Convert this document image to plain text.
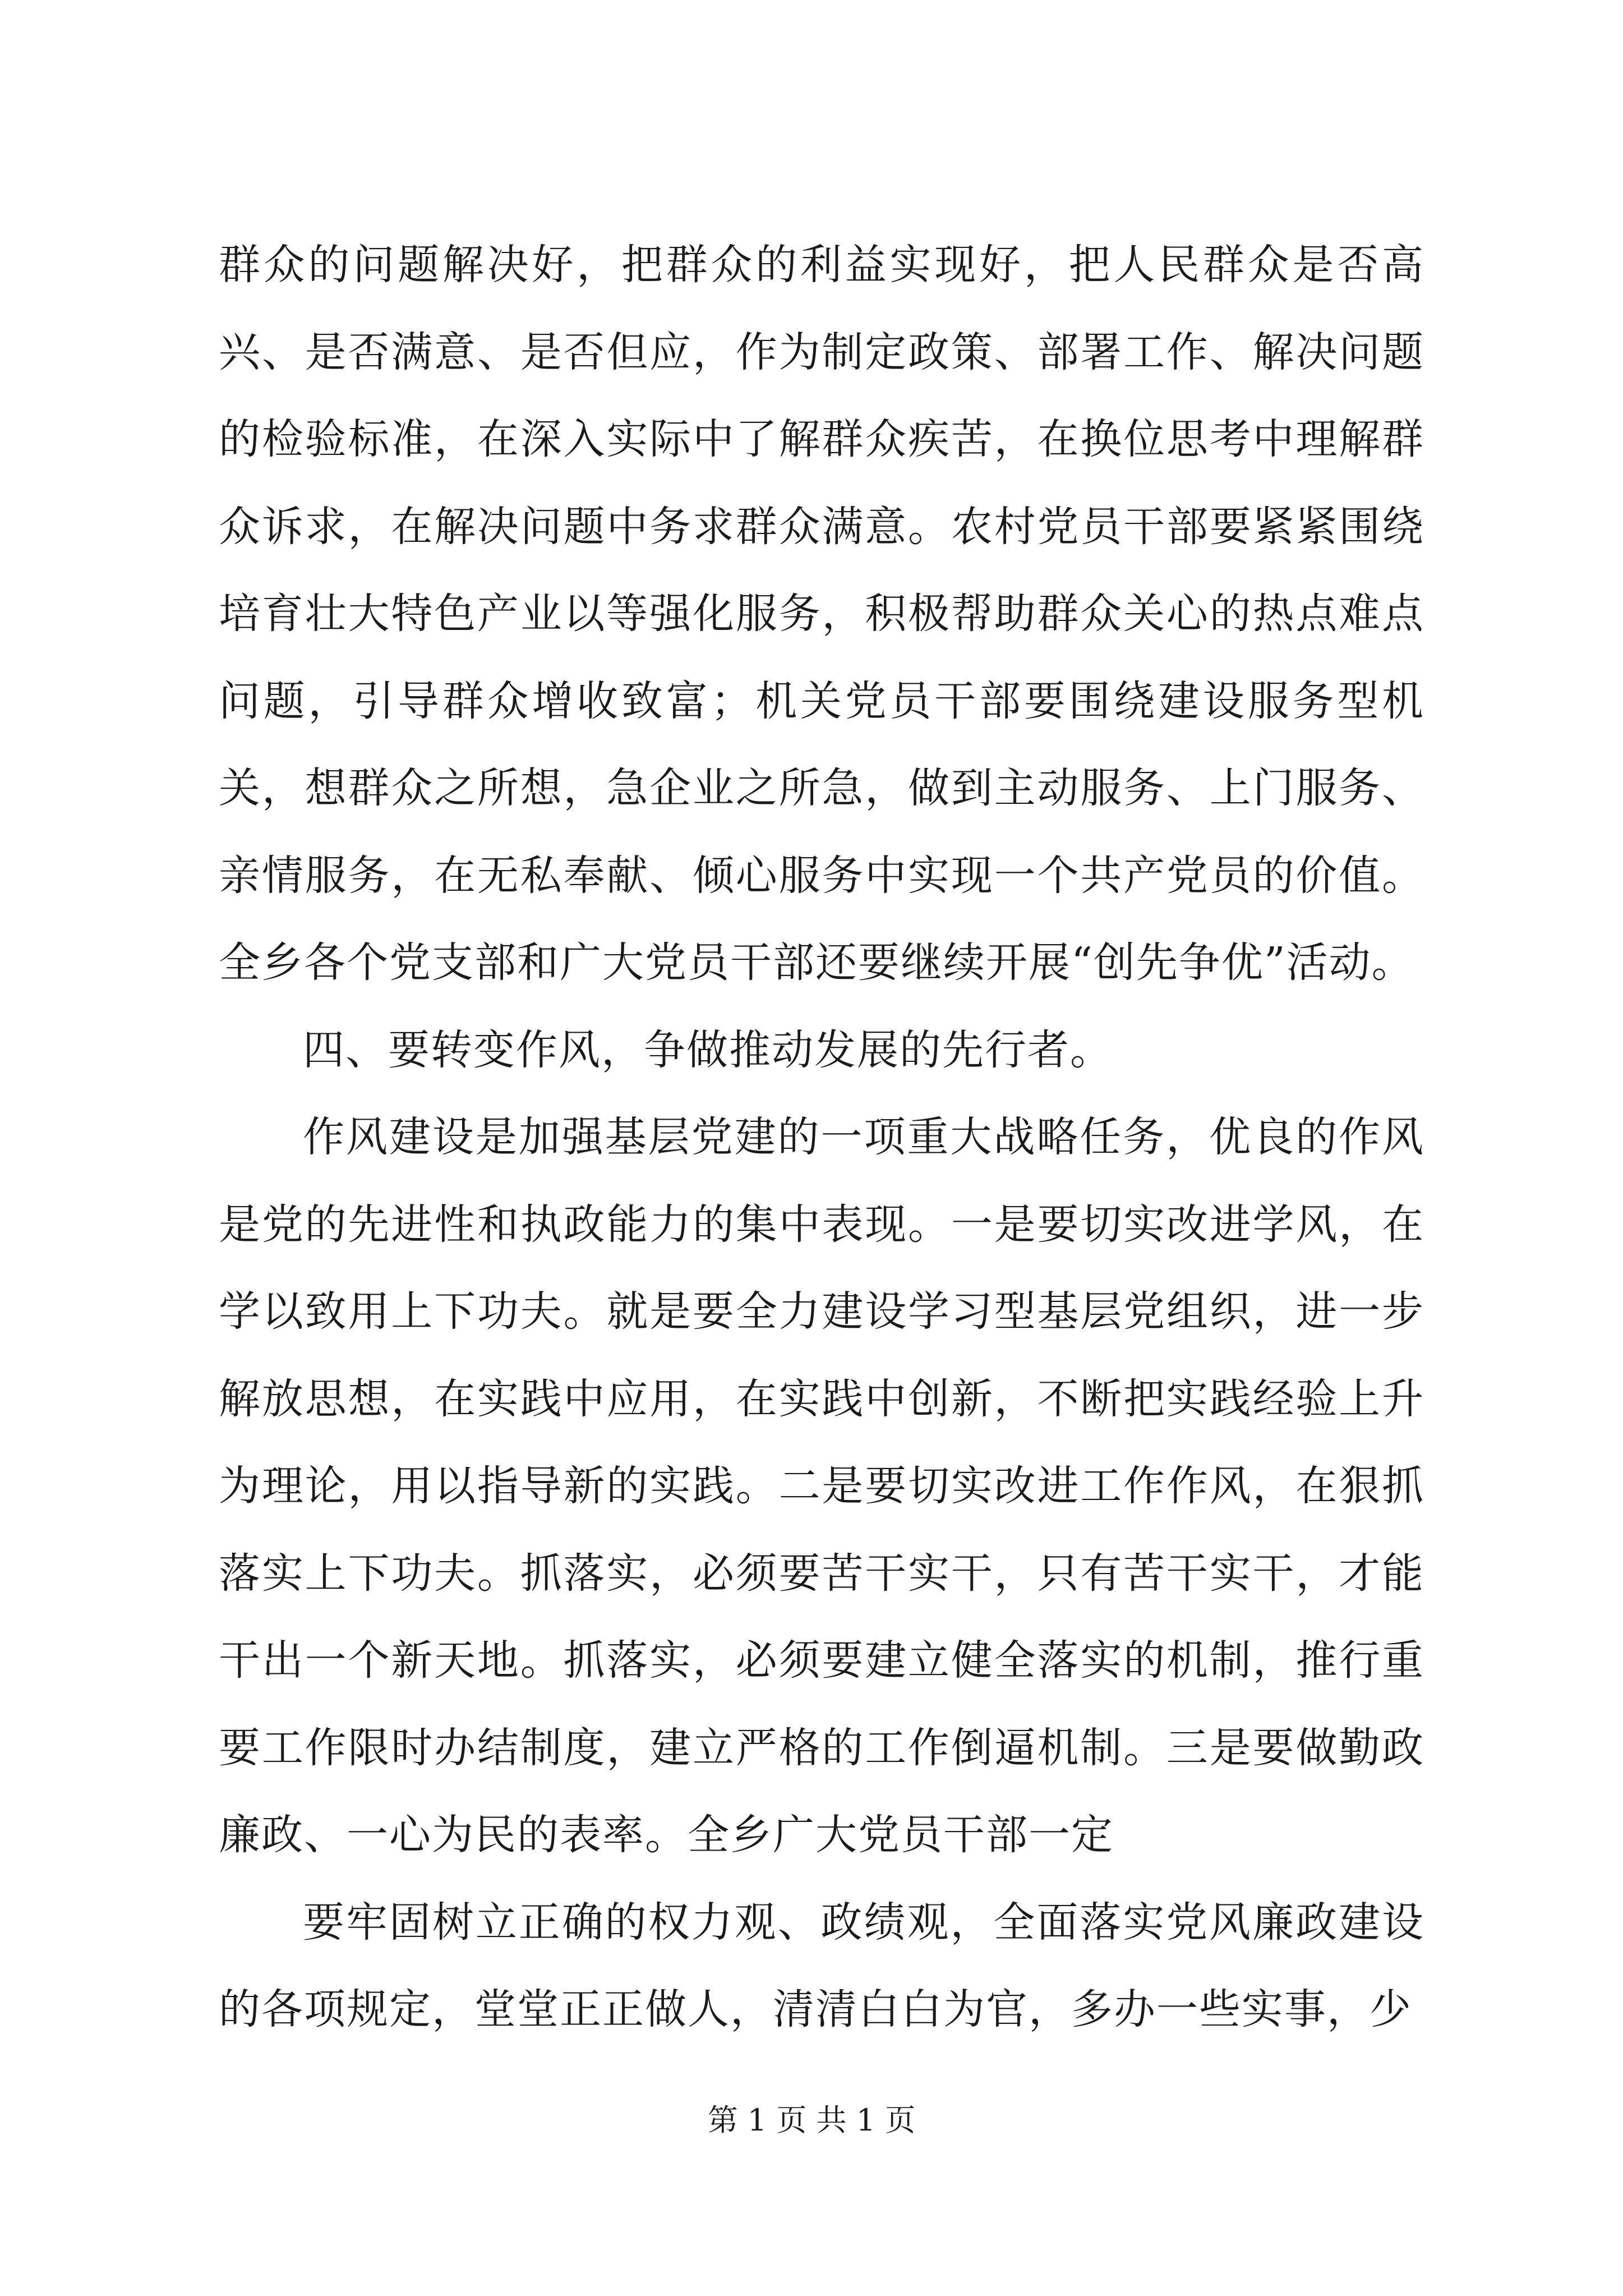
群众的问题解决好，把群众的利益实现好，把人民群众是否高兴、是否满意、是否但应，作为制定政策、部署工作、解决问题的检验标准，在深入实际中了解群众疾苦，在换位思考中理解群众诉求，在解决问题中务求群众满意。农村党员干部要紧紧围绕培育壮大特色产业以等强化服务，积极帮助群众关心的热点难点问题，引导群众增收致富；机关党员干部要围绕建设服务型机关，想群众之所想，急企业之所急，做到主动服务、上门服务、亲情服务，在无私奉献、倾心服务中实现一个共产党员的价值。全乡各个党支部和广大党员干部还要继续开展“创先争优”活动。

四、要转变作风，争做推动发展的先行者。

作风建设是加强基层党建的一项重大战略任务，优良的作风是党的先进性和执政能力的集中表现。一是要切实改进学风，在学以致用上下功夫。就是要全力建设学习型基层党组织，进一步解放思想，在实践中应用，在实践中创新，不断把实践经验上升为理论，用以指导新的实践。二是要切实改进工作作风，在狠抓落实上下功夫。抓落实，必须要苦干实干，只有苦干实干，才能干出一个新天地。抓落实，必须要建立健全落实的机制，推行重要工作限时办结制度，建立严格的工作倒逼机制。三是要做勤政廉政、一心为民的表率。全乡广大党员干部一定

要牢固树立正确的权力观、政绩观，全面落实党风廉政建设的各项规定，堂堂正正做人，清清白白为官，多办一些实事，少

第 1 页 共 1 页
